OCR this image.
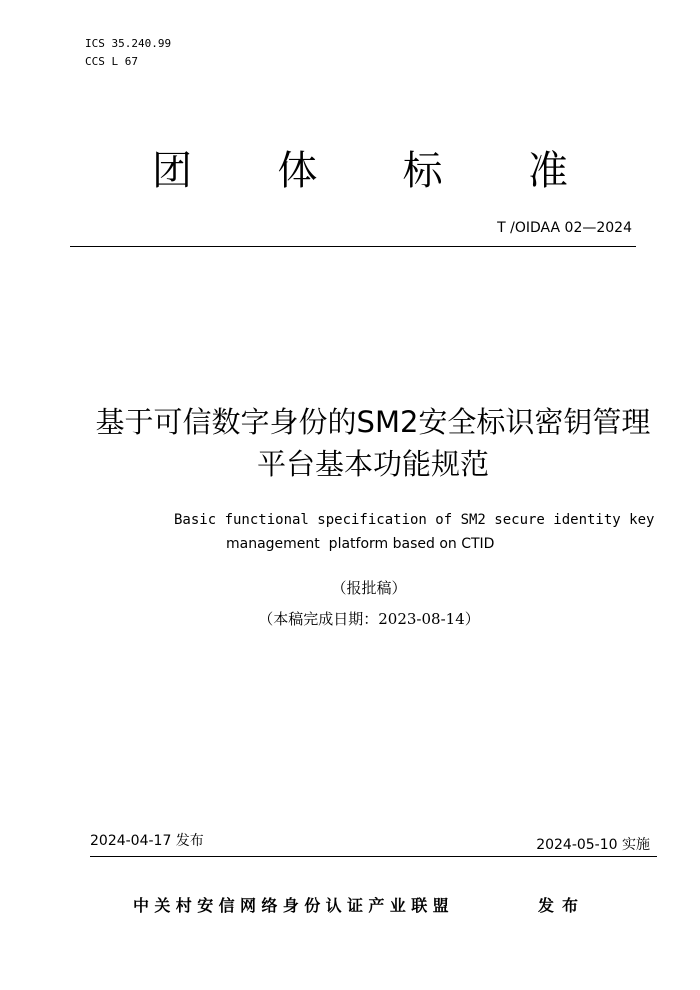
ICS 35.240.99
CCS L 67
团 体 标 准
T /OIDAA 02—2024
基于可信数字身份的SM2安全标识密钥管理
平台基本功能规范
Basic functional specification of SM2 secure identity key
management  platform based on CTID
（报批稿）
（本稿完成日期：2023-08-14）
2024-04-17 发布	2024-05-10 实施
中关村安信网络身份认证产业联盟	发布
